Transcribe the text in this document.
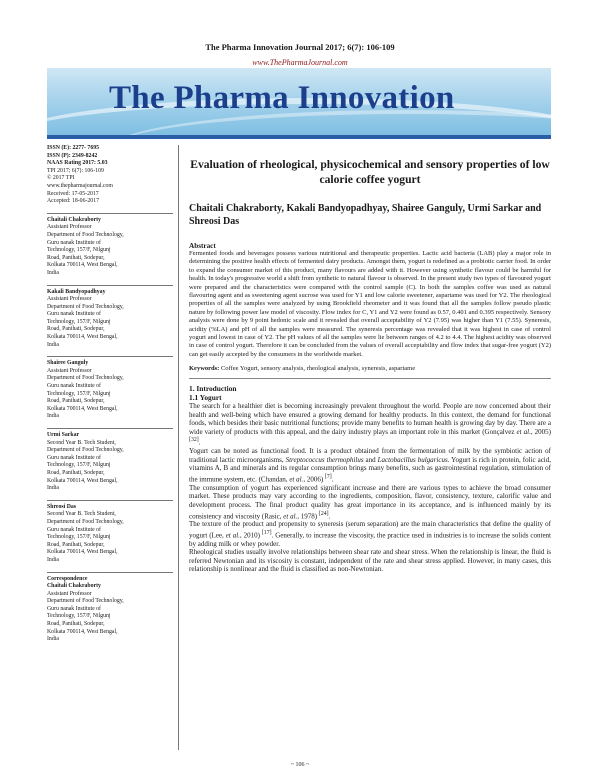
The Pharma Innovation Journal 2017; 6(7): 106-109
www.ThePharmaJournal.com
The Pharma Innovation
ISSN (E): 2277- 7695
ISSN (P): 2349-8242
NAAS Rating 2017: 5.03
TPI 2017; 6(7): 106-109
© 2017 TPI
www.thepharmajournal.com
Received: 17-05-2017
Accepted: 18-06-2017
Chaitali Chakraborty
Assistant Professor
Department of Food Technology,
Guru nanak Institute of
Technology, 157/F, Nilgunj
Road, Panihati, Sodepur,
Kolkata 700114, West Bengal,
India
Kakali Bandyopadhyay
Assistant Professor
Department of Food Technology,
Guru nanak Institute of
Technology, 157/F, Nilgunj
Road, Panihati, Sodepur,
Kolkata 700114, West Bengal,
India
Shairee Ganguly
Assistant Professor
Department of Food Technology,
Guru nanak Institute of
Technology, 157/F, Nilgunj
Road, Panihati, Sodepur,
Kolkata 700114, West Bengal,
India
Urmi Sarkar
Second Year B. Tech Student,
Department of Food Technology,
Guru nanak Institute of
Technology, 157/F, Nilgunj
Road, Panihati, Sodepur,
Kolkata 700114, West Bengal,
India
Shreosi Das
Second Year B. Tech Student,
Department of Food Technology,
Guru nanak Institute of
Technology, 157/F, Nilgunj
Road, Panihati, Sodepur,
Kolkata 700114, West Bengal,
India
Correspondence
Chaitali Chakraborty
Assistant Professor
Department of Food Technology,
Guru nanak Institute of
Technology, 157/F, Nilgunj
Road, Panihati, Sodepur,
Kolkata 700114, West Bengal,
India
Evaluation of rheological, physicochemical and sensory properties of low calorie coffee yogurt
Chaitali Chakraborty, Kakali Bandyopadhyay, Shairee Ganguly, Urmi Sarkar and Shreosi Das
Abstract
Fermented foods and beverages possess various nutritional and therapeutic properties. Lactic acid bacteria (LAB) play a major role in determining the positive health effects of fermented dairy products. Amongst them, yogurt is redefined as a probiotic carrier food. In order to expand the consumer market of this product, many flavours are added with it. However using synthetic flavour could be harmful for health. In today's progressive world a shift from synthetic to natural flavour is observed. In the present study two types of flavoured yogurt were prepared and the characteristics were compared with the control sample (C). In both the samples coffee was used as natural flavouring agent and as sweetening agent sucrose was used for Y1 and low calorie sweetener, aspartame was used for Y2. The rheological properties of all the samples were analyzed by using Brookfield rheometer and it was found that all the samples follow pseudo plastic nature by following power law model of viscosity. Flow index for C, Y1 and Y2 were found as 0.57, 0.401 and 0.395 respectively. Sensory analysis were done by 9 point hedonic scale and it revealed that overall acceptability of Y2 (7.95) was higher than Y1 (7.55). Syneresis, acidity (%LA) and pH of all the samples were measured. The syneresis percentage was revealed that it was highest in case of control yogurt and lowest in case of Y2. The pH values of all the samples were lie between ranges of 4.2 to 4.4. The highest acidity was observed in case of control yogurt. Therefore it can be concluded from the values of overall acceptability and flow index that sugar-free yogurt (Y2) can get easily accepted by the consumers in the worldwide market.
Keywords: Coffee Yogurt, sensory analysis, rheological analysis, syneresis, aspartame
1. Introduction
1.1 Yogurt
The search for a healthier diet is becoming increasingly prevalent throughout the world. People are now concerned about their health and well-being which have ensured a growing demand for healthy products. In this context, the demand for functional foods, which besides their basic nutritional functions; provide many benefits to human health is growing day by day. There are a wide variety of products with this appeal, and the dairy industry plays an important role in this market (Gonçalvez et al., 2005) [32].
Yogurt can be noted as functional food. It is a product obtained from the fermentation of milk by the symbiotic action of traditional lactic microorganisms, Streptococcus thermophilus and Lactobacillus bulgaricus. Yogurt is rich in protein, folic acid, vitamins A, B and minerals and its regular consumption brings many benefits, such as gastrointestinal regulation, stimulation of the immune system, etc. (Chandan, et al., 2006) [7].
The consumption of yogurt has experienced significant increase and there are various types to achieve the broad consumer market. These products may vary according to the ingredients, composition, flavor, consistency, texture, calorific value and development process. The final product quality has great importance in its acceptance, and is influenced mainly by its consistency and viscosity (Rasic, et al., 1978) [24].
The texture of the product and propensity to syneresis (serum separation) are the main characteristics that define the quality of yogurt (Lee, et al., 2010) [17]. Generally, to increase the viscosity, the practice used in industries is to increase the solids content by adding milk or whey powder.
Rheological studies usually involve relationships between shear rate and shear stress. When the relationship is linear, the fluid is referred Newtonian and its viscosity is constant, independent of the rate and shear stress applied. However, in many cases, this relationship is nonlinear and the fluid is classified as non-Newtonian.
~ 106 ~
